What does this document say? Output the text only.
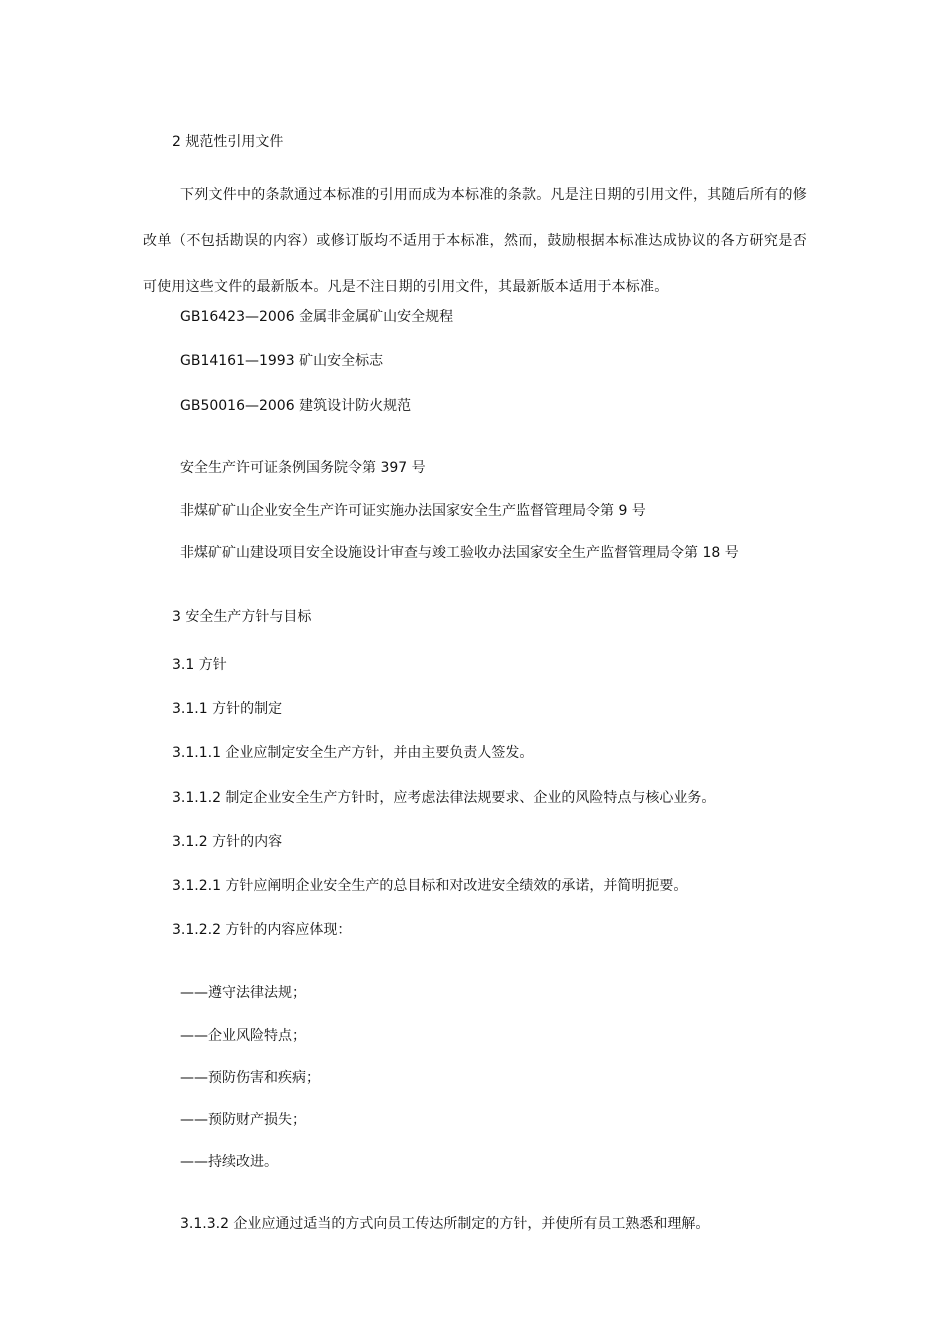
2 规范性引用文件
下列文件中的条款通过本标准的引用而成为本标准的条款。凡是注日期的引用文件，其随后所有的修改单（不包括勘误的内容）或修订版均不适用于本标准，然而，鼓励根据本标准达成协议的各方研究是否可使用这些文件的最新版本。凡是不注日期的引用文件，其最新版本适用于本标准。
GB16423—2006 金属非金属矿山安全规程
GB14161—1993 矿山安全标志
GB50016—2006 建筑设计防火规范
安全生产许可证条例国务院令第 397 号
非煤矿矿山企业安全生产许可证实施办法国家安全生产监督管理局令第 9 号
非煤矿矿山建设项目安全设施设计审查与竣工验收办法国家安全生产监督管理局令第 18 号
3 安全生产方针与目标
3.1 方针
3.1.1 方针的制定
3.1.1.1 企业应制定安全生产方针，并由主要负责人签发。
3.1.1.2 制定企业安全生产方针时，应考虑法律法规要求、企业的风险特点与核心业务。
3.1.2 方针的内容
3.1.2.1 方针应阐明企业安全生产的总目标和对改进安全绩效的承诺，并简明扼要。
3.1.2.2 方针的内容应体现：
——遵守法律法规；
——企业风险特点；
——预防伤害和疾病；
——预防财产损失；
——持续改进。
3.1.3.2 企业应通过适当的方式向员工传达所制定的方针，并使所有员工熟悉和理解。
